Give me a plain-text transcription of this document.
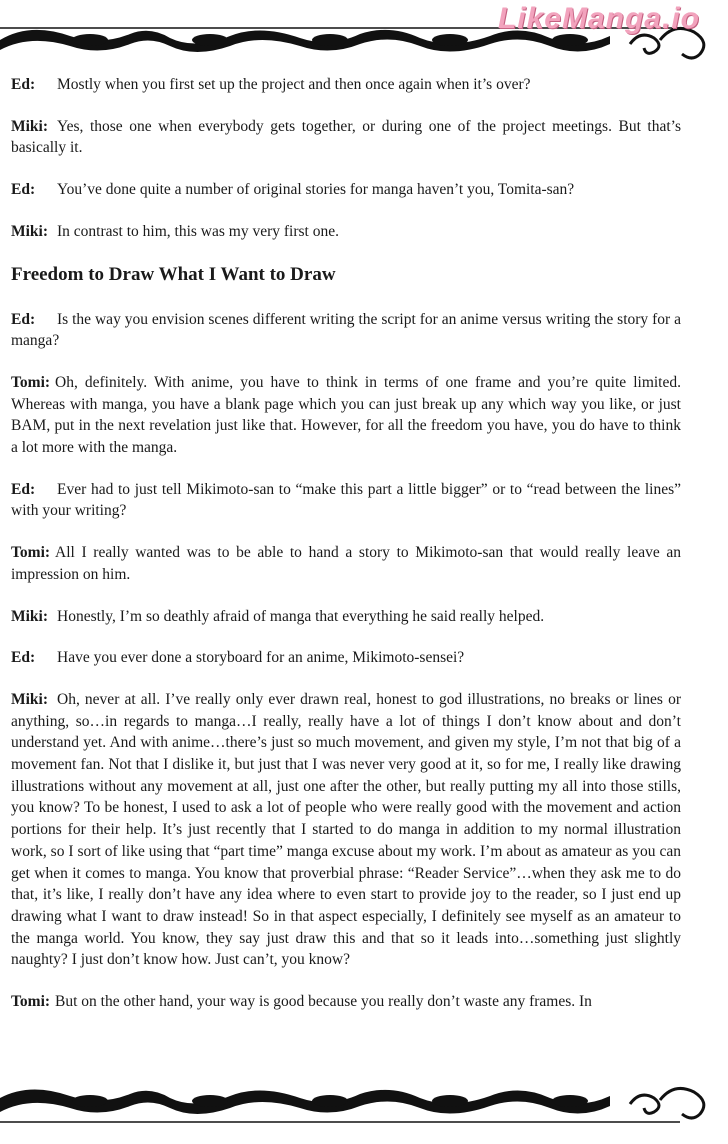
LikeManga.io

Ed: Mostly when you first set up the project and then once again when it’s over?

Miki: Yes, those one when everybody gets together, or during one of the project meetings. But that’s basically it.

Ed: You’ve done quite a number of original stories for manga haven’t you, Tomita-san?

Miki: In contrast to him, this was my very first one.

Freedom to Draw What I Want to Draw

Ed: Is the way you envision scenes different writing the script for an anime versus writing the story for a manga?

Tomi: Oh, definitely. With anime, you have to think in terms of one frame and you’re quite limited. Whereas with manga, you have a blank page which you can just break up any which way you like, or just BAM, put in the next revelation just like that. However, for all the freedom you have, you do have to think a lot more with the manga.

Ed: Ever had to just tell Mikimoto-san to “make this part a little bigger” or to “read between the lines” with your writing?

Tomi: All I really wanted was to be able to hand a story to Mikimoto-san that would really leave an impression on him.

Miki: Honestly, I’m so deathly afraid of manga that everything he said really helped.

Ed: Have you ever done a storyboard for an anime, Mikimoto-sensei?

Miki: Oh, never at all. I’ve really only ever drawn real, honest to god illustrations, no breaks or lines or anything, so…in regards to manga…I really, really have a lot of things I don’t know about and don’t understand yet. And with anime…there’s just so much movement, and given my style, I’m not that big of a movement fan. Not that I dislike it, but just that I was never very good at it, so for me, I really like drawing illustrations without any movement at all, just one after the other, but really putting my all into those stills, you know? To be honest, I used to ask a lot of people who were really good with the movement and action portions for their help. It’s just recently that I started to do manga in addition to my normal illustration work, so I sort of like using that “part time” manga excuse about my work. I’m about as amateur as you can get when it comes to manga. You know that proverbial phrase: “Reader Service”…when they ask me to do that, it’s like, I really don’t have any idea where to even start to provide joy to the reader, so I just end up drawing what I want to draw instead! So in that aspect especially, I definitely see myself as an amateur to the manga world. You know, they say just draw this and that so it leads into…something just slightly naughty? I just don’t know how. Just can’t, you know?

Tomi: But on the other hand, your way is good because you really don’t waste any frames. In
